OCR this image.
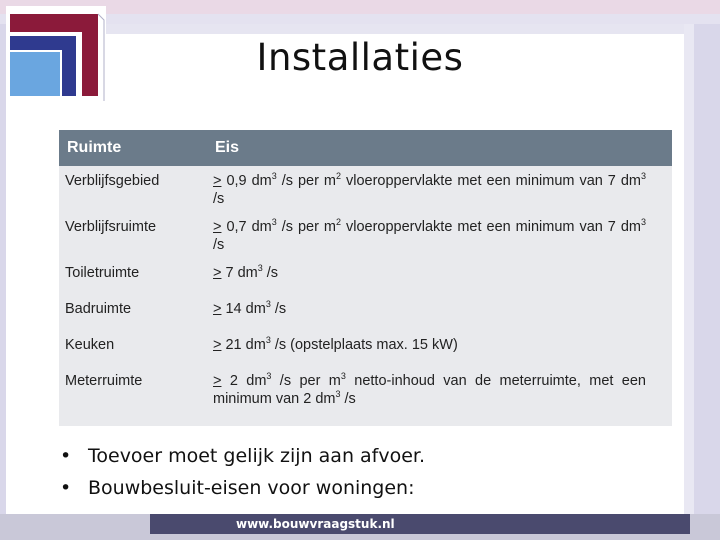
Installaties
Ruimte	Eis
Verblijfsgebied	≥ 0,9 $dm^3$ /s per $m^2$ vloeroppervlakte met een minimum van 7 $dm^3$ /s
Verblijfsruimte	≥ 0,7 $dm^3$ /s per $m^2$ vloeroppervlakte met een minimum van 7 $dm^3$ /s
Toiletruimte	≥ 7 $dm^3$ /s
Badruimte	≥ 14 $dm^3$ /s
Keuken	≥ 21 $dm^3$ /s (opstelplaats max. 15 kW)
Meterruimte	≥ 2 $dm^3$ /s per $m^3$ netto-inhoud van de meterruimte, met een minimum van 2 $dm^3$ /s
• Toevoer moet gelijk zijn aan afvoer.
• Bouwbesluit-eisen voor woningen:
www.bouwvraagstuk.nl
